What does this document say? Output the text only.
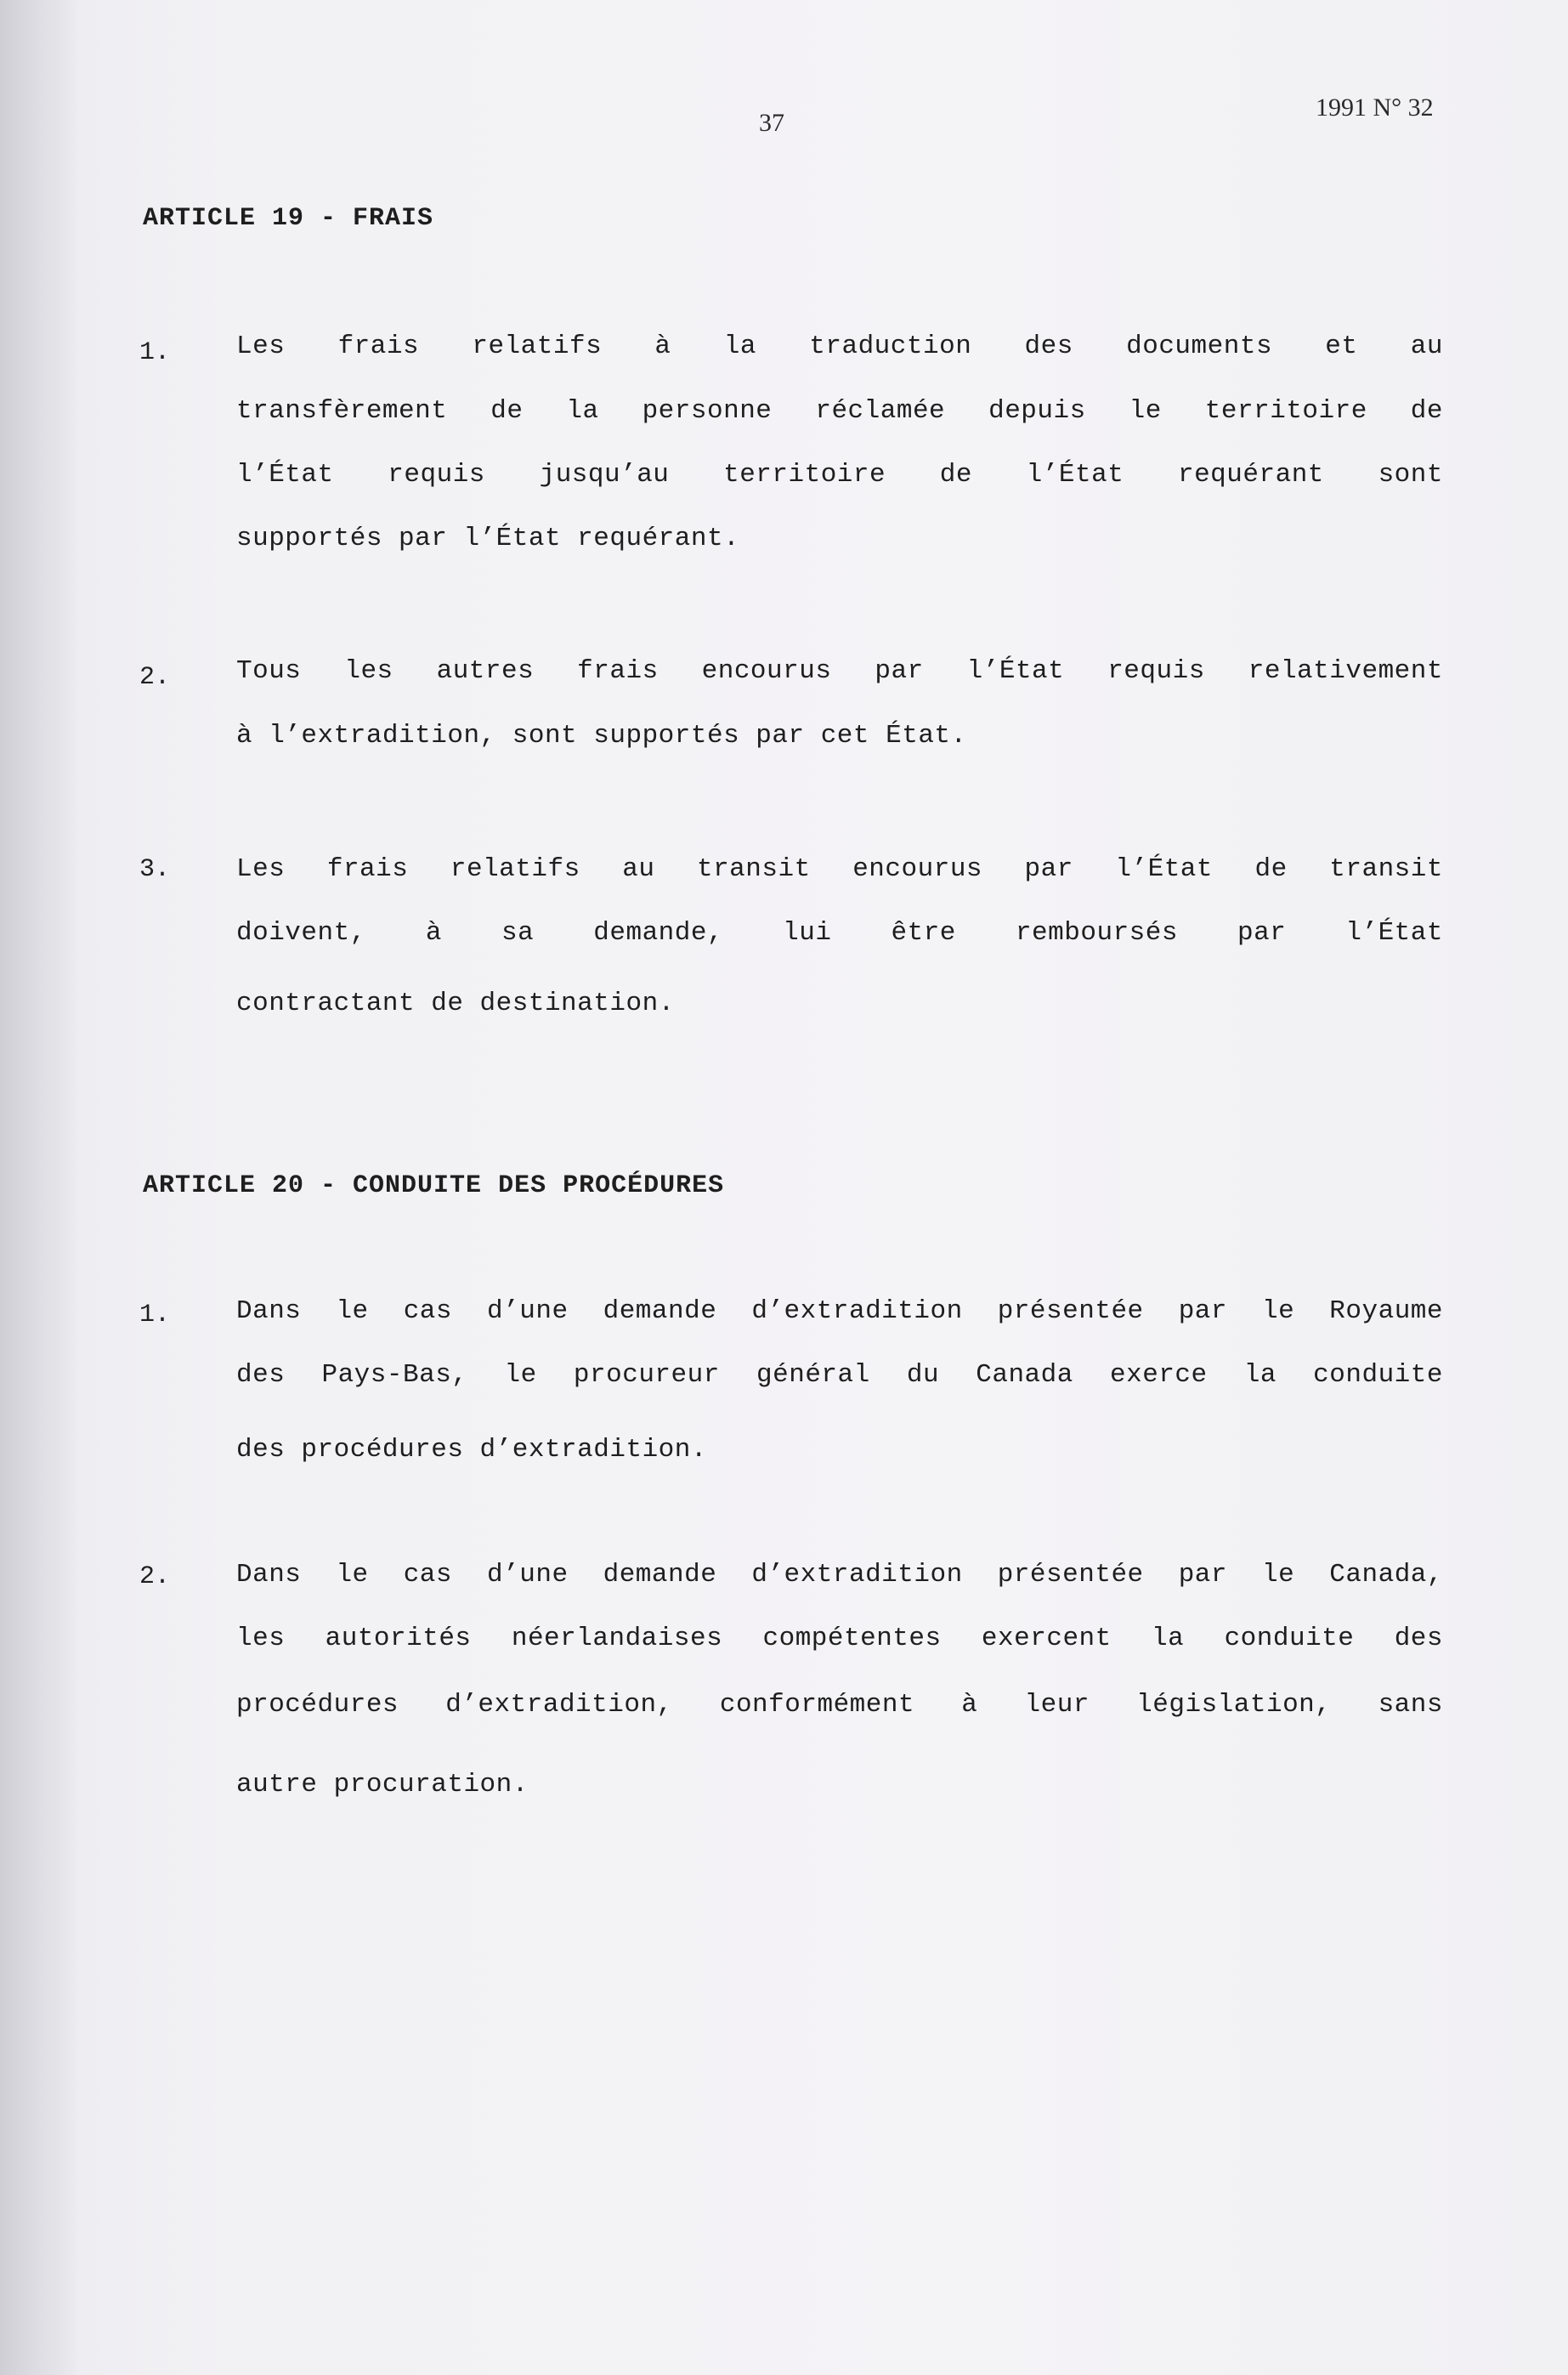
37
1991 N° 32
ARTICLE 19 - FRAIS
1.	Les frais relatifs à la traduction des documents et au
transfèrement de la personne réclamée depuis le territoire de
l’État requis jusqu’au territoire de l’État requérant sont
supportés par l’État requérant.
2.	Tous les autres frais encourus par l’État requis relativement
à l’extradition, sont supportés par cet État.
3.	Les frais relatifs au transit encourus par l’État de transit
doivent, à sa demande, lui être remboursés par l’État
contractant de destination.
ARTICLE 20 - CONDUITE DES PROCÉDURES
1.	Dans le cas d’une demande d’extradition présentée par le Royaume
des Pays-Bas, le procureur général du Canada exerce la conduite
des procédures d’extradition.
2.	Dans le cas d’une demande d’extradition présentée par le Canada,
les autorités néerlandaises compétentes exercent la conduite des
procédures d’extradition, conformément à leur législation, sans
autre procuration.
